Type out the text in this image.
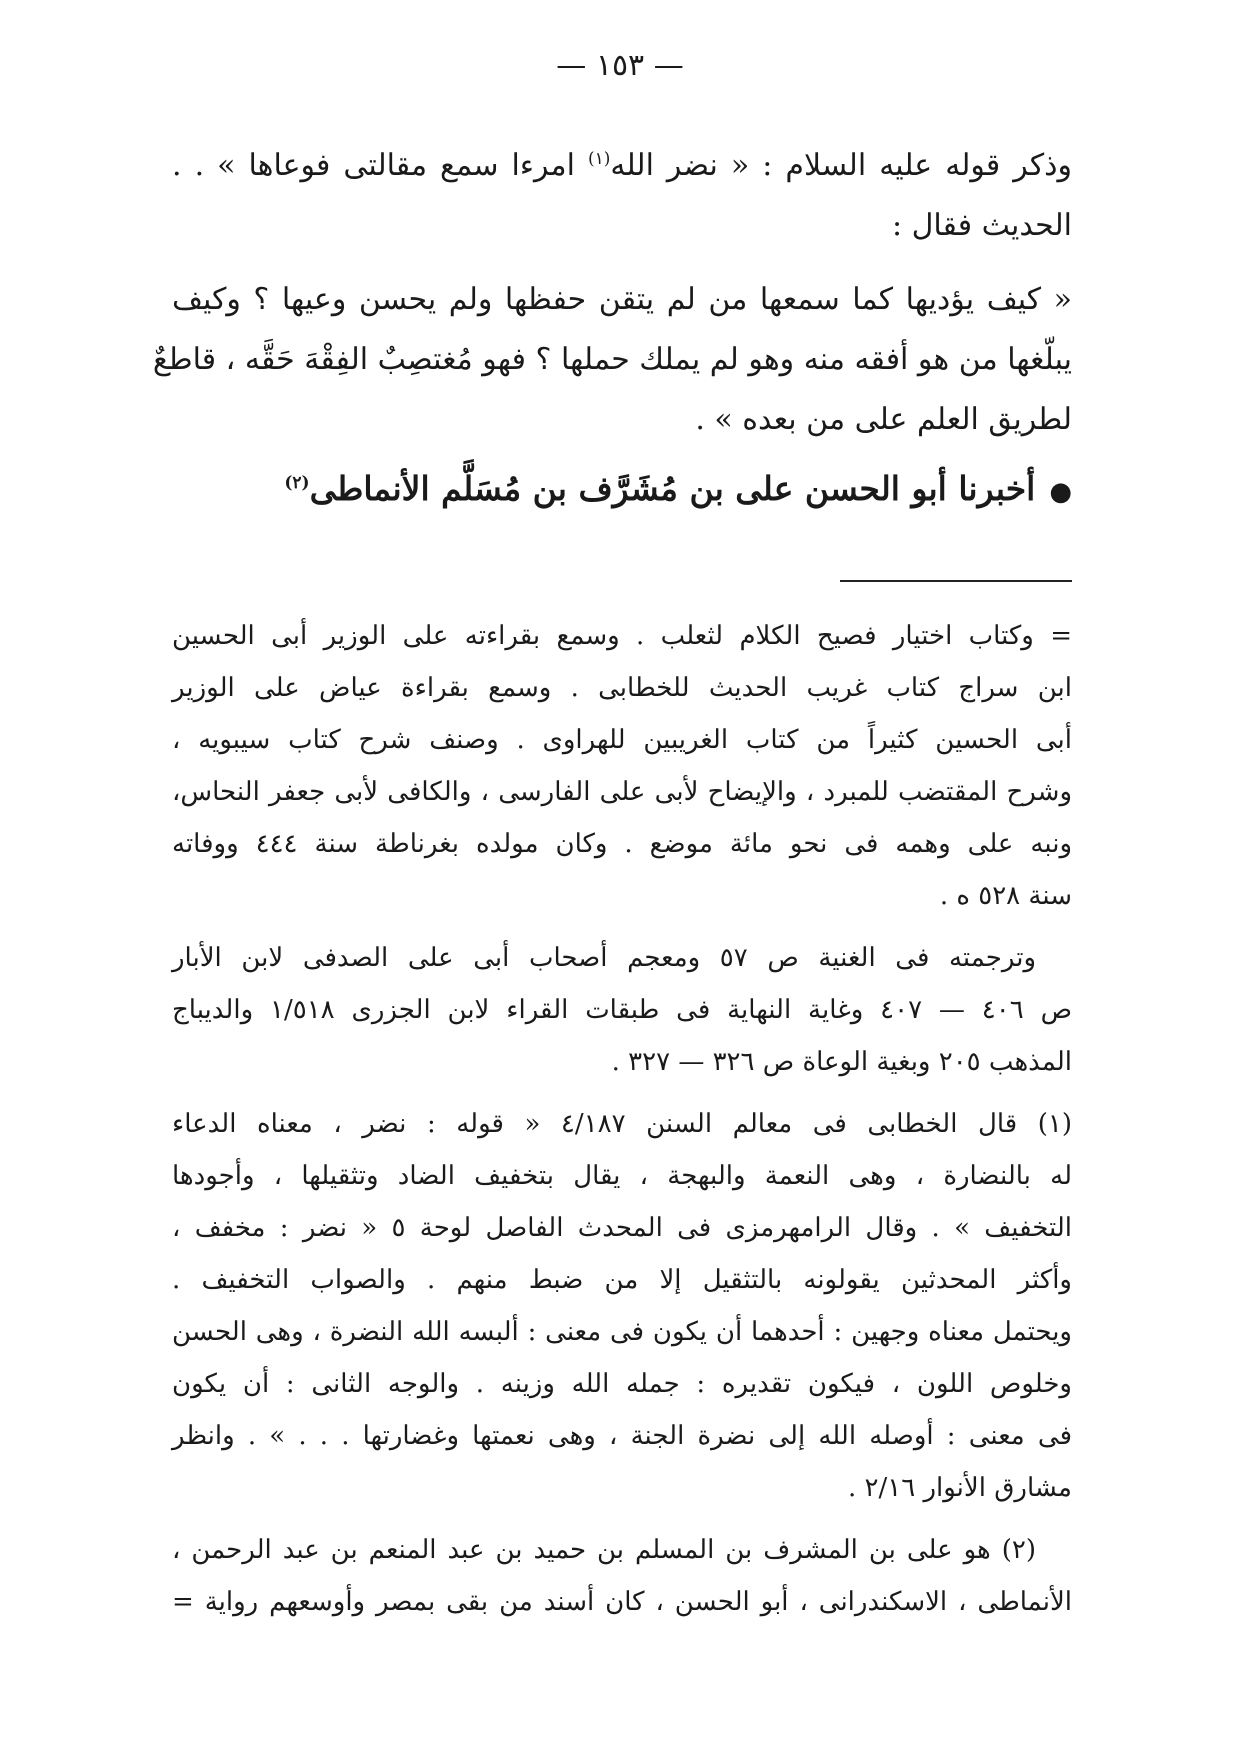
— ١٥٣ —
وذكر قوله عليه السلام : « نضر الله$^{(١)}$ امرءا سمع مقالتى فوعاها » . .
الحديث فقال :
« كيف يؤديها كما سمعها من لم يتقن حفظها ولم يحسن وعيها ؟ وكيف
يبلّغها من هو أفقه منه وهو لم يملك حملها ؟ فهو مُغتصِبٌ الفِقْهَ حَقَّه ، قاطعٌ
لطريق العلم على من بعده » .
●أخبرنا أبو الحسن على بن مُشَرَّف بن مُسَلَّم الأنماطى$^{(٢)}$
= وكتاب اختيار فصيح الكلام لثعلب . وسمع بقراءته على الوزير أبى الحسين
ابن سراج كتاب غريب الحديث للخطابى . وسمع بقراءة عياض على الوزير
أبى الحسين كثيراً من كتاب الغريبين للهراوى . وصنف شرح كتاب سيبويه ،
وشرح المقتضب للمبرد ، والإيضاح لأبى على الفارسى ، والكافى لأبى جعفر النحاس،
ونبه على وهمه فى نحو مائة موضع . وكان مولده بغرناطة سنة ٤٤٤ ووفاته
سنة ٥٢٨ ه .
وترجمته فى الغنية ص ٥٧ ومعجم أصحاب أبى على الصدفى لابن الأبار
ص ٤٠٦ — ٤٠٧ وغاية النهاية فى طبقات القراء لابن الجزرى ١/٥١٨ والديباج
المذهب ٢٠٥ وبغية الوعاة ص ٣٢٦ — ٣٢٧ .
(١) قال الخطابى فى معالم السنن ٤/١٨٧ « قوله : نضر ، معناه الدعاء
له بالنضارة ، وهى النعمة والبهجة ، يقال بتخفيف الضاد وتثقيلها ، وأجودها
التخفيف » . وقال الرامهرمزى فى المحدث الفاصل لوحة ٥ « نضر : مخفف ،
وأكثر المحدثين يقولونه بالتثقيل إلا من ضبط منهم . والصواب التخفيف .
ويحتمل معناه وجهين : أحدهما أن يكون فى معنى : ألبسه الله النضرة ، وهى الحسن
وخلوص اللون ، فيكون تقديره : جمله الله وزينه . والوجه الثانى : أن يكون
فى معنى : أوصله الله إلى نضرة الجنة ، وهى نعمتها وغضارتها . . . » . وانظر
مشارق الأنوار ٢/١٦ .
(٢) هو على بن المشرف بن المسلم بن حميد بن عبد المنعم بن عبد الرحمن ،
الأنماطى ، الاسكندرانى ، أبو الحسن ، كان أسند من بقى بمصر وأوسعهم رواية =
